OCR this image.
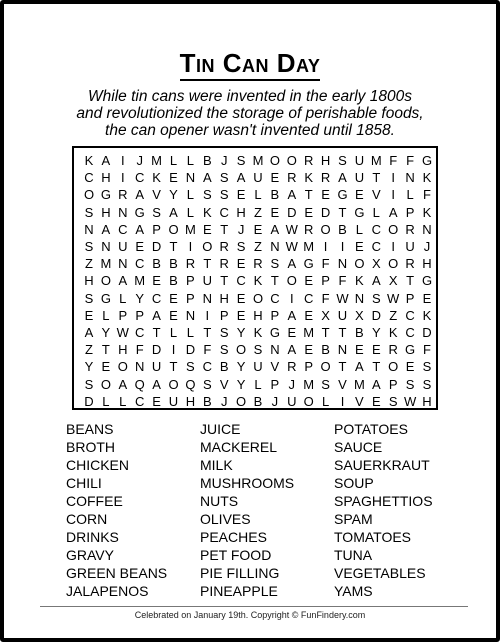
Tin Can Day
While tin cans were invented in the early 1800s
and revolutionized the storage of perishable foods,
the can opener wasn't invented until 1858.
K A I J M L L B J S M O O R H S U M F F G
C H I C K E N A S A U E R K R A U T I N K
O G R A V Y L S S E L B A T E G E V I L F
S H N G S A L K C H Z E D E D T G L A P K
N A C A P O M E T J E A W R O B L C O R N
S N U E D T I O R S Z N W M I	I E C I U J
Z M N C B B R T R E R S A G F N O X O R H
H O A M E B P U T C K T O E P F K A X T G
S G L Y C E P N H E O C I C F W N S W P E
E L P P A E N I P E H P A E X U X D Z C K
A Y W C T L L T S Y K G E M T T B Y K C D
Z T H F D I D F S O S N A E B N E E R G F
Y E O N U T S C B Y U V R P O T A T O E S
S O A Q A O Q S V Y L P J M S V M A P S S
D L L C E U H B J O B J U O L I V E S W H
BEANS
BROTH
CHICKEN
CHILI
COFFEE
CORN
DRINKS
GRAVY
GREEN BEANS
JALAPENOS
JUICE
MACKEREL
MILK
MUSHROOMS
NUTS
OLIVES
PEACHES
PET FOOD
PIE FILLING
PINEAPPLE
POTATOES
SAUCE
SAUERKRAUT
SOUP
SPAGHETTIOS
SPAM
TOMATOES
TUNA
VEGETABLES
YAMS
Celebrated on January 19th. Copyright © FunFindery.com
